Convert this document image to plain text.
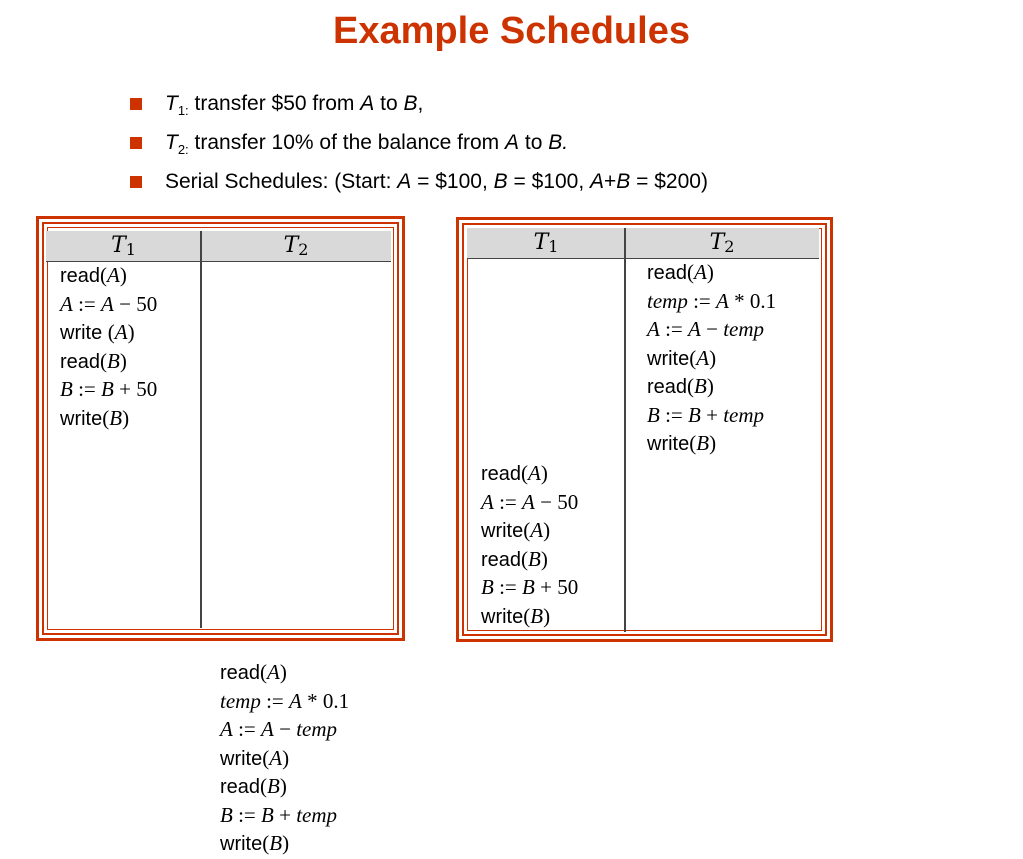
Example Schedules
$T_{1:}$ transfer $50 from A to B,
$T_{2:}$ transfer 10% of the balance from A to B.
Serial Schedules: (Start: A = $100, B = $100, A+B = $200)
$T_1$	$T_2$
read(A)
A := A − 50
write (A)
read(B)
B := B + 50
write(B)
read(A)
temp := A * 0.1
A := A − temp
write(A)
read(B)
B := B + temp
write(B)
$T_1$	$T_2$
read(A)
temp := A * 0.1
A := A − temp
write(A)
read(B)
B := B + temp
write(B)
read(A)
A := A − 50
write(A)
read(B)
B := B + 50
write(B)
